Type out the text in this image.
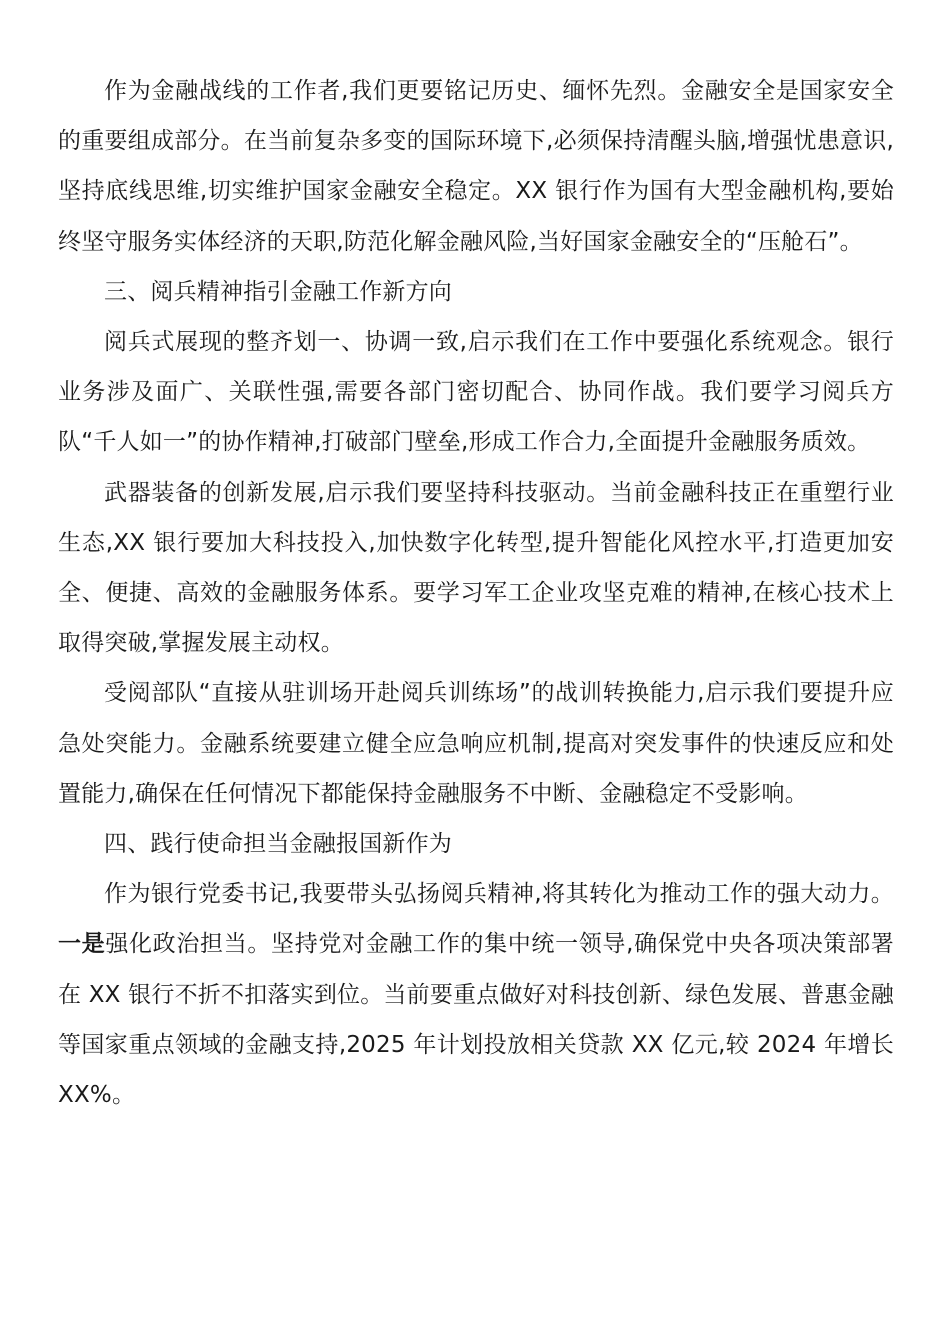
作为金融战线的工作者,我们更要铭记历史、缅怀先烈。金融安全是国家安全的重要组成部分。在当前复杂多变的国际环境下,必须保持清醒头脑,增强忧患意识,坚持底线思维,切实维护国家金融安全稳定。XX 银行作为国有大型金融机构,要始终坚守服务实体经济的天职,防范化解金融风险,当好国家金融安全的“压舱石”。

三、阅兵精神指引金融工作新方向

阅兵式展现的整齐划一、协调一致,启示我们在工作中要强化系统观念。银行业务涉及面广、关联性强,需要各部门密切配合、协同作战。我们要学习阅兵方队“千人如一”的协作精神,打破部门壁垒,形成工作合力,全面提升金融服务质效。

武器装备的创新发展,启示我们要坚持科技驱动。当前金融科技正在重塑行业生态,XX 银行要加大科技投入,加快数字化转型,提升智能化风控水平,打造更加安全、便捷、高效的金融服务体系。要学习军工企业攻坚克难的精神,在核心技术上取得突破,掌握发展主动权。

受阅部队“直接从驻训场开赴阅兵训练场”的战训转换能力,启示我们要提升应急处突能力。金融系统要建立健全应急响应机制,提高对突发事件的快速反应和处置能力,确保在任何情况下都能保持金融服务不中断、金融稳定不受影响。

四、践行使命担当金融报国新作为

作为银行党委书记,我要带头弘扬阅兵精神,将其转化为推动工作的强大动力。一是强化政治担当。坚持党对金融工作的集中统一领导,确保党中央各项决策部署在 XX 银行不折不扣落实到位。当前要重点做好对科技创新、绿色发展、普惠金融等国家重点领域的金融支持,2025 年计划投放相关贷款 XX 亿元,较 2024 年增长 XX%。
